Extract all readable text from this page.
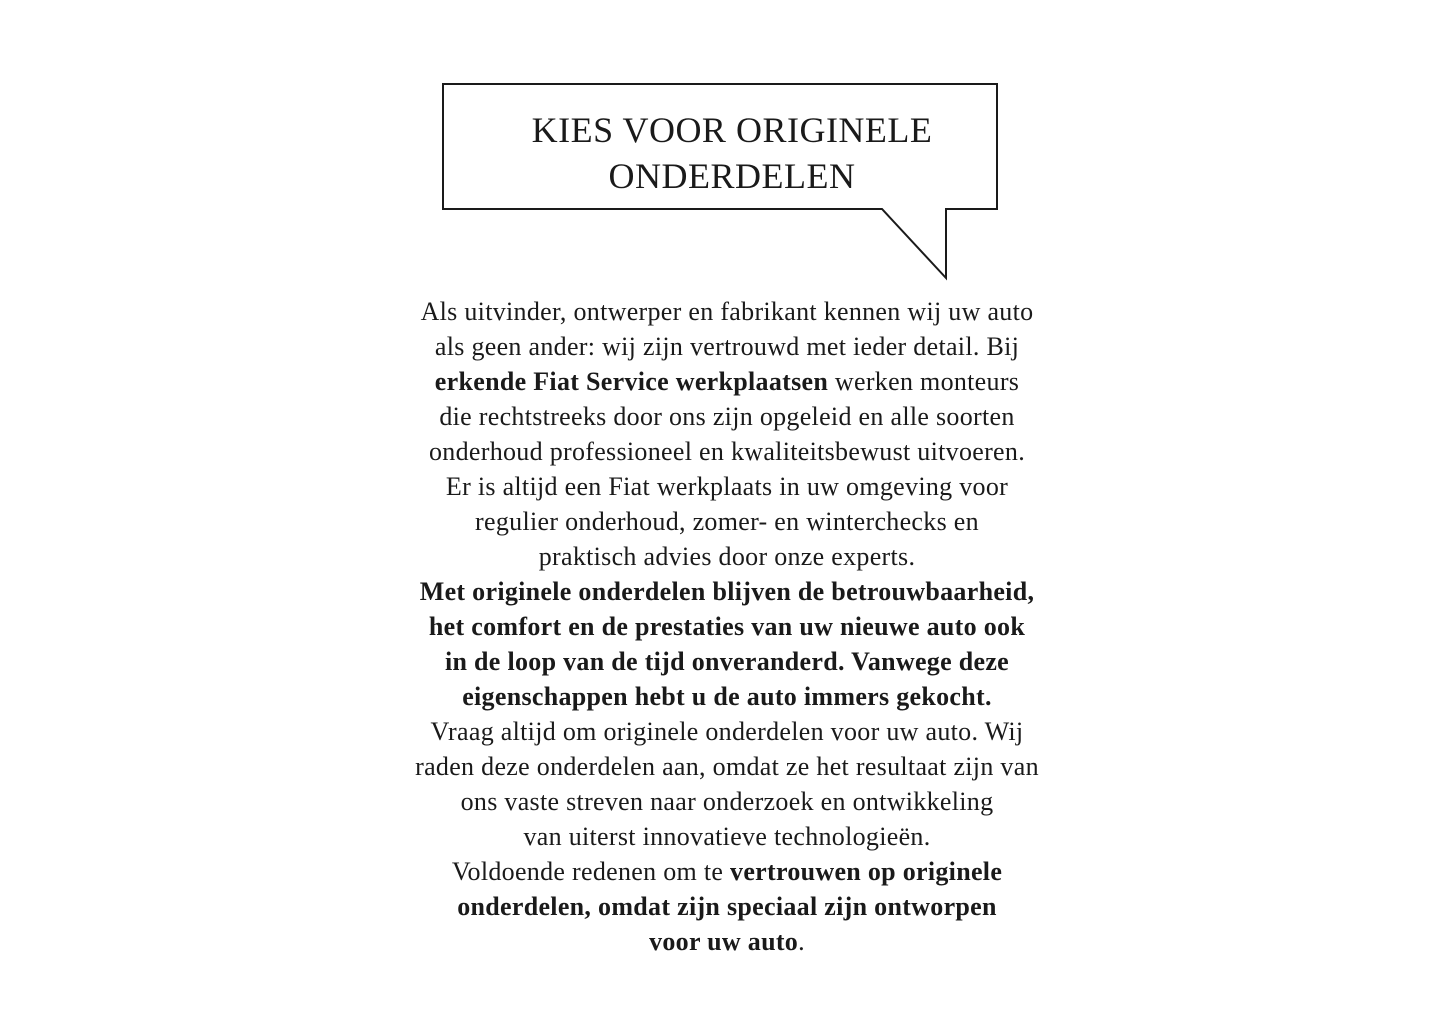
KIES VOOR ORIGINELE
ONDERDELEN
Als uitvinder, ontwerper en fabrikant kennen wij uw auto
als geen ander: wij zijn vertrouwd met ieder detail. Bij
erkende Fiat Service werkplaatsen werken monteurs
die rechtstreeks door ons zijn opgeleid en alle soorten
onderhoud professioneel en kwaliteitsbewust uitvoeren.
Er is altijd een Fiat werkplaats in uw omgeving voor
regulier onderhoud, zomer- en winterchecks en
praktisch advies door onze experts.
Met originele onderdelen blijven de betrouwbaarheid,
het comfort en de prestaties van uw nieuwe auto ook
in de loop van de tijd onveranderd. Vanwege deze
eigenschappen hebt u de auto immers gekocht.
Vraag altijd om originele onderdelen voor uw auto. Wij
raden deze onderdelen aan, omdat ze het resultaat zijn van
ons vaste streven naar onderzoek en ontwikkeling
van uiterst innovatieve technologieën.
Voldoende redenen om te vertrouwen op originele
onderdelen, omdat zijn speciaal zijn ontworpen
voor uw auto.
